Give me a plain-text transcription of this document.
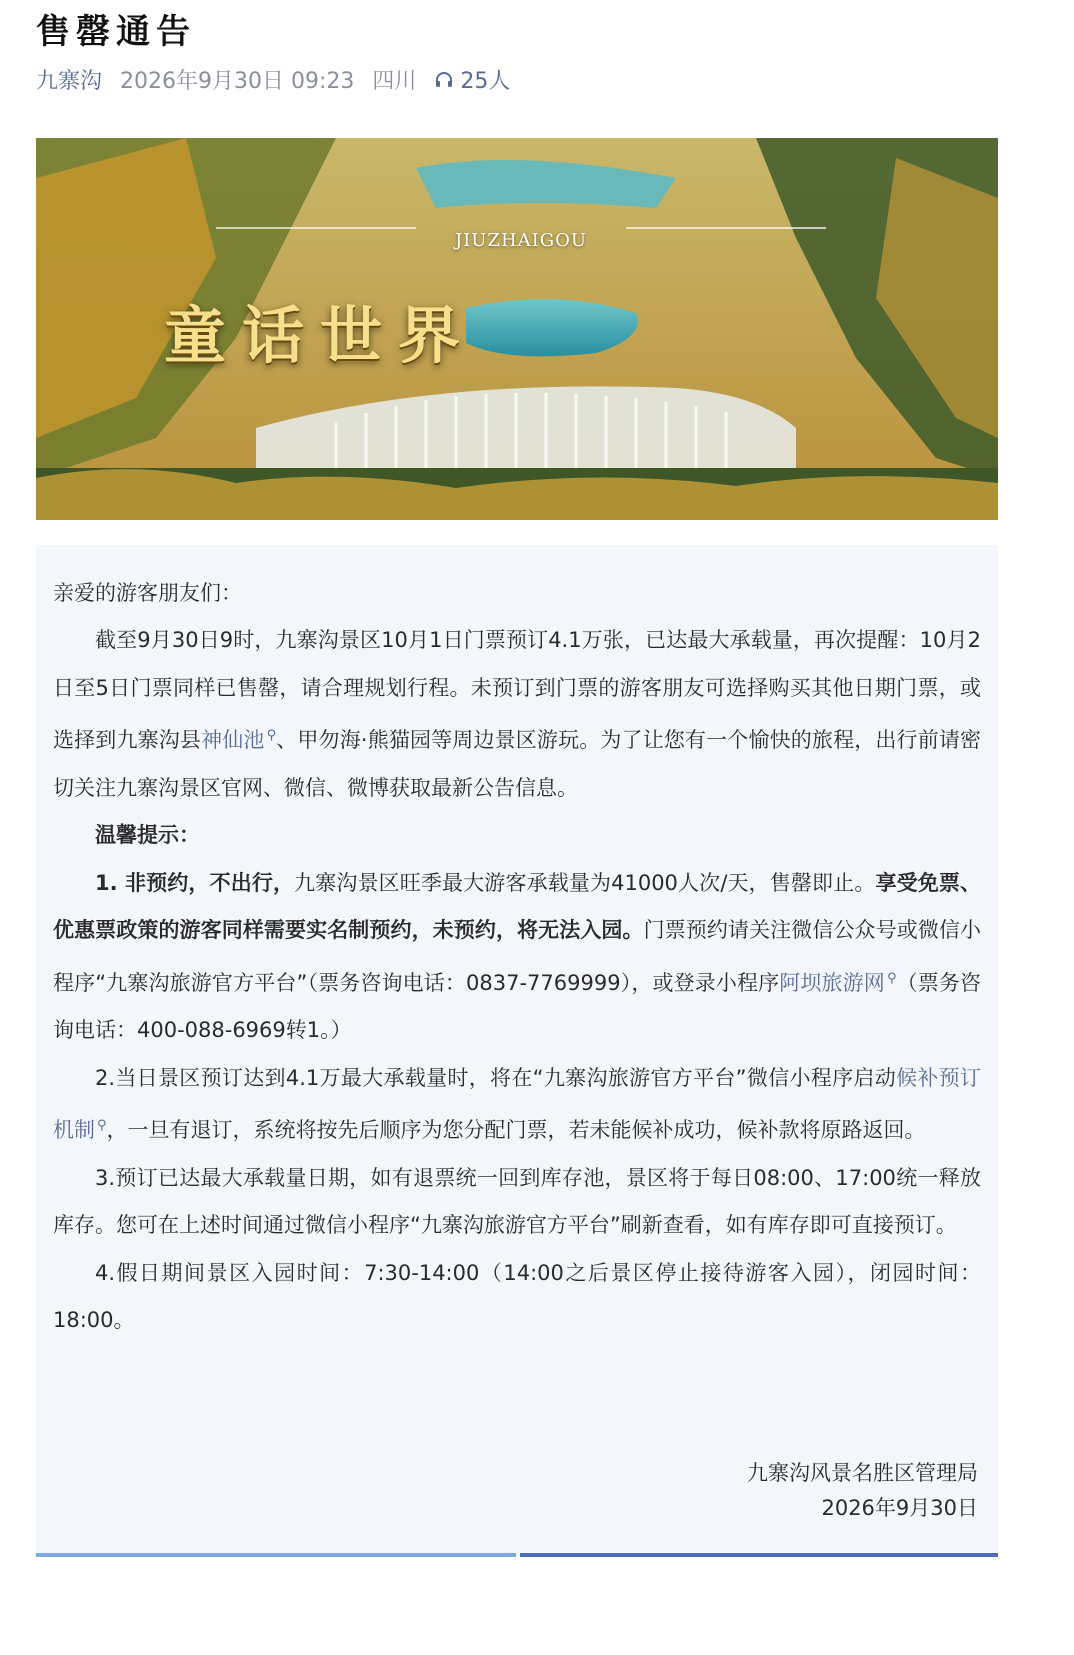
售罄通告
九寨沟 2026年9月30日 09:23 四川 25人
JIUZHAIGOU
童话世界

亲爱的游客朋友们：

截至9月30日9时，九寨沟景区10月1日门票预订4.1万张，已达最大承载量，再次提醒：10月2日至5日门票同样已售罄，请合理规划行程。未预订到门票的游客朋友可选择购买其他日期门票，或选择到九寨沟县神仙池 ⚲、甲勿海·熊猫园等周边景区游玩。为了让您有一个愉快的旅程，出行前请密切关注九寨沟景区官网、微信、微博获取最新公告信息。

温馨提示：

1. 非预约，不出行，九寨沟景区旺季最大游客承载量为41000人次/天，售罄即止。享受免票、优惠票政策的游客同样需要实名制预约，未预约，将无法入园。门票预约请关注微信公众号或微信小程序“九寨沟旅游官方平台”（票务咨询电话：0837-7769999），或登录小程序阿坝旅游网 ⚲（票务咨询电话：400-088-6969转1。）

2.当日景区预订达到4.1万最大承载量时，将在“九寨沟旅游官方平台”微信小程序启动候补预订机制 ⚲，一旦有退订，系统将按先后顺序为您分配门票，若未能候补成功，候补款将原路返回。

3.预订已达最大承载量日期，如有退票统一回到库存池，景区将于每日08:00、17:00统一释放库存。您可在上述时间通过微信小程序“九寨沟旅游官方平台”刷新查看，如有库存即可直接预订。

4.假日期间景区入园时间：7:30-14:00（14:00之后景区停止接待游客入园），闭园时间：18:00。

九寨沟风景名胜区管理局
2026年9月30日
